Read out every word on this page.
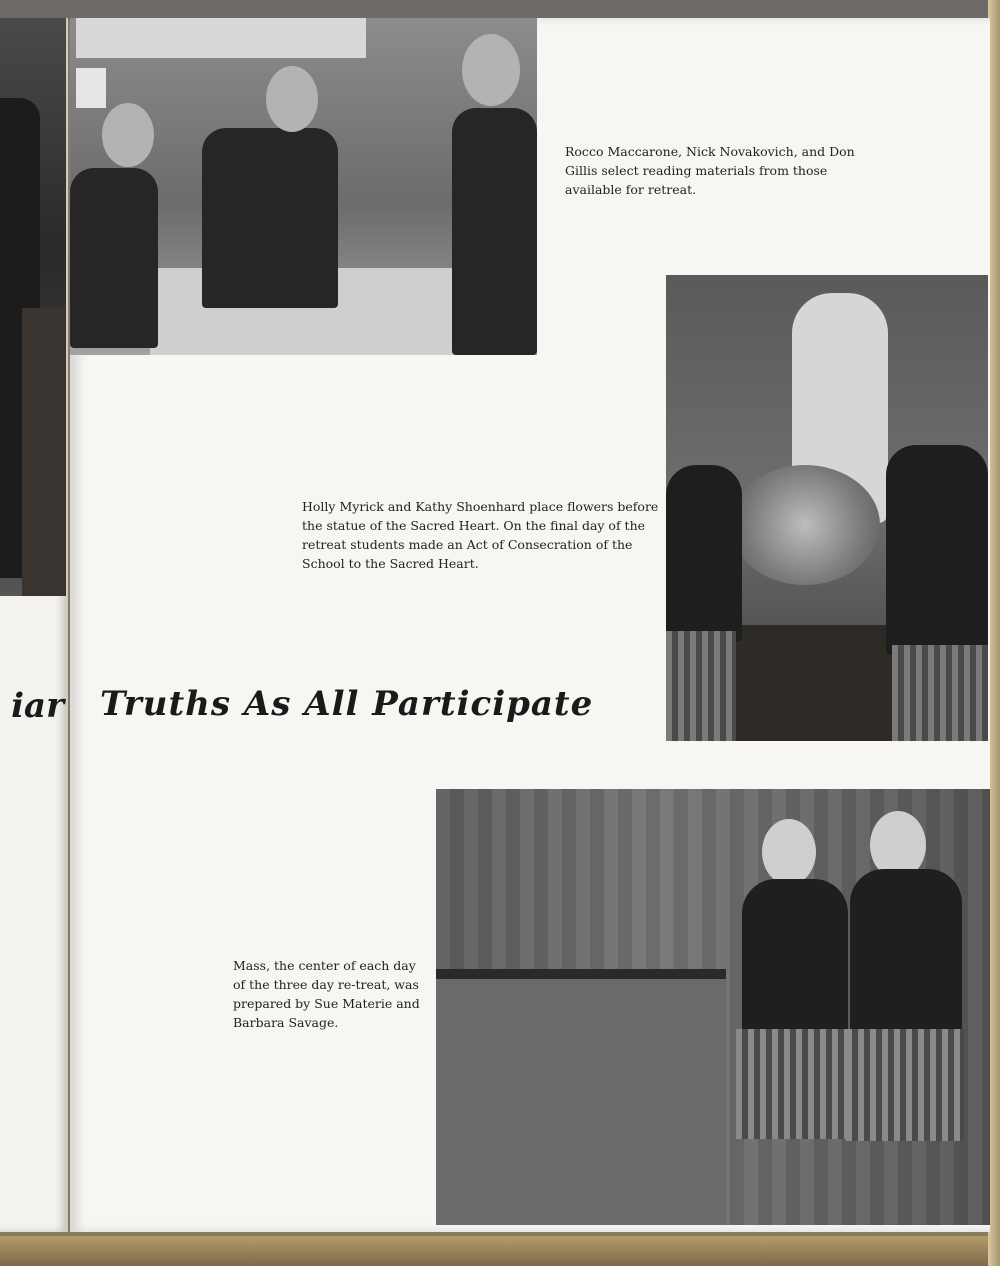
iar

Rocco Maccarone, Nick Novakovich, and Don Gillis select reading materials from those available for retreat.

Holly Myrick and Kathy Shoenhard place flowers before the statue of the Sacred Heart. On the final day of the retreat students made an Act of Consecration of the School to the Sacred Heart.

Truths As All Participate

Mass, the center of each day of the three day re-treat, was prepared by Sue Materie and Barbara Savage.
